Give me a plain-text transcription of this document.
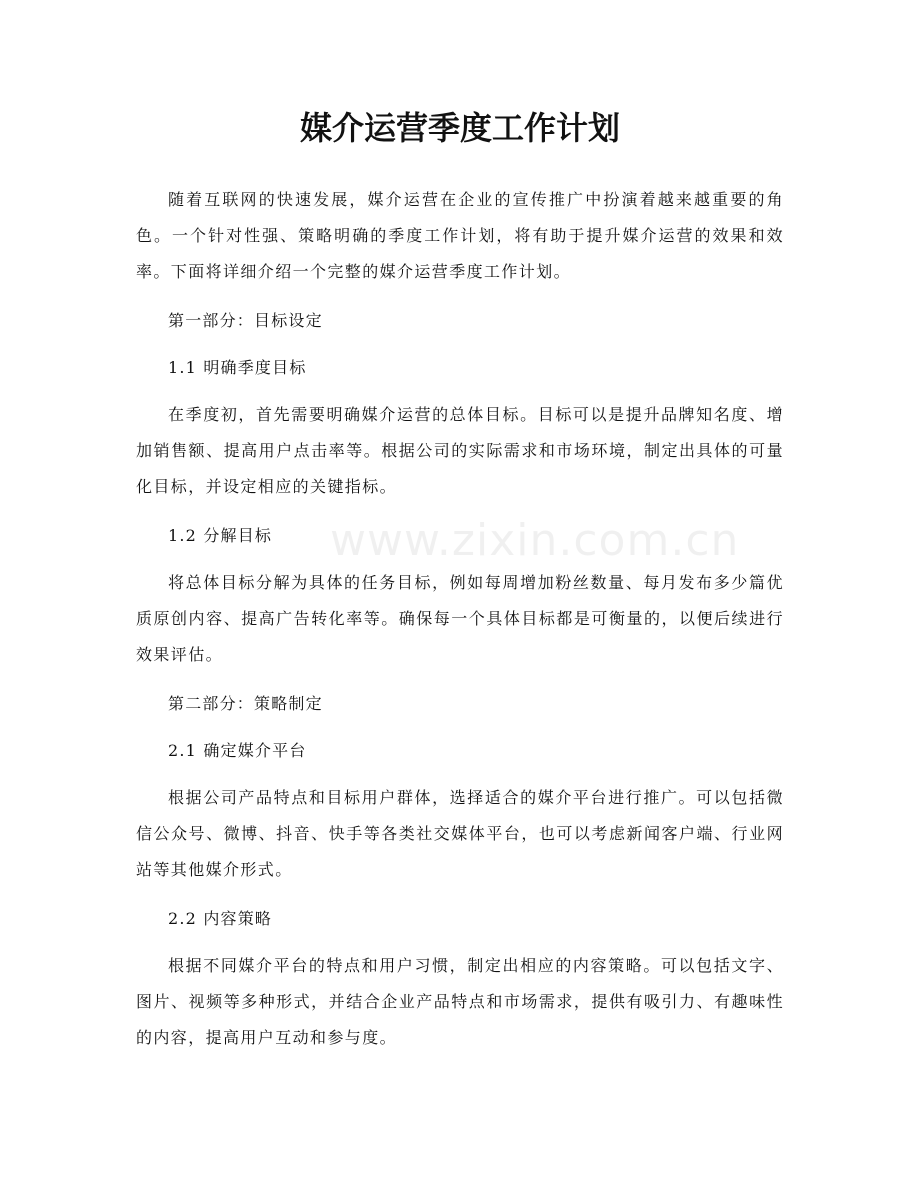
www.zixin.com.cn
媒介运营季度工作计划

随着互联网的快速发展，媒介运营在企业的宣传推广中扮演着越来越重要的角色。一个针对性强、策略明确的季度工作计划，将有助于提升媒介运营的效果和效率。下面将详细介绍一个完整的媒介运营季度工作计划。

第一部分：目标设定

1.1 明确季度目标

在季度初，首先需要明确媒介运营的总体目标。目标可以是提升品牌知名度、增加销售额、提高用户点击率等。根据公司的实际需求和市场环境，制定出具体的可量化目标，并设定相应的关键指标。

1.2 分解目标

将总体目标分解为具体的任务目标，例如每周增加粉丝数量、每月发布多少篇优质原创内容、提高广告转化率等。确保每一个具体目标都是可衡量的，以便后续进行效果评估。

第二部分：策略制定

2.1 确定媒介平台

根据公司产品特点和目标用户群体，选择适合的媒介平台进行推广。可以包括微信公众号、微博、抖音、快手等各类社交媒体平台，也可以考虑新闻客户端、行业网站等其他媒介形式。

2.2 内容策略

根据不同媒介平台的特点和用户习惯，制定出相应的内容策略。可以包括文字、图片、视频等多种形式，并结合企业产品特点和市场需求，提供有吸引力、有趣味性的内容，提高用户互动和参与度。
